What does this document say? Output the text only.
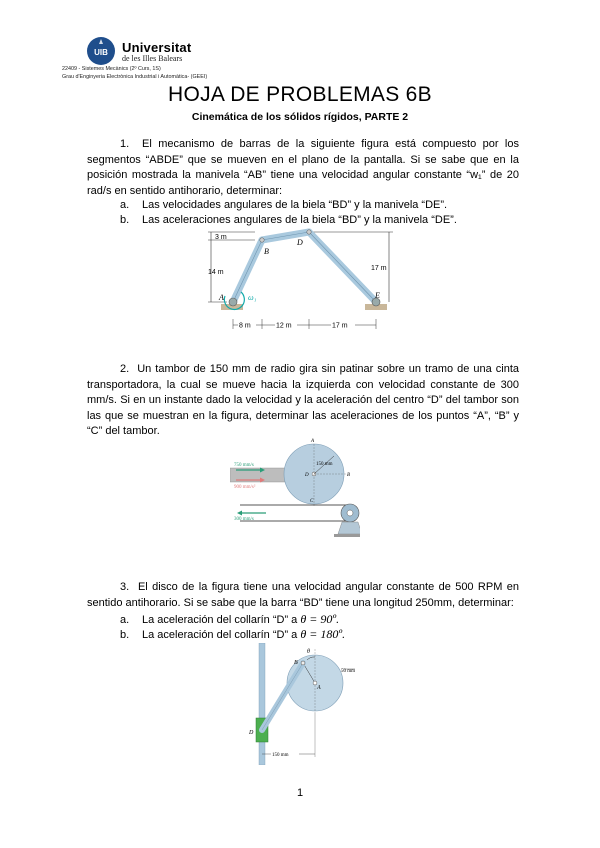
UIB Universitat
de les Illes Balears
22409 - Sistemes Mecànics (2º Curs, 1S)
Grau d'Enginyeria Electrònica Industrial i Automàtica- (GEEI)
HOJA DE PROBLEMAS 6B
Cinemática de los sólidos rígidos, PARTE 2
1. El mecanismo de barras de la siguiente figura está compuesto por los segmentos “ABDE” que se mueven en el plano de la pantalla. Si se sabe que en la posición mostrada la manivela “AB” tiene una velocidad angular constante “w₁” de 20 rad/s en sentido antihorario, determinar:
a. Las velocidades angulares de la biela “BD” y la manivela “DE”.
b. Las aceleraciones angulares de la biela “BD” y la manivela “DE”.
3 m
14 m
17 m
ω₁
A
B
D
E
8 m	12 m	17 m
2. Un tambor de 150 mm de radio gira sin patinar sobre un tramo de una cinta transportadora, la cual se mueve hacia la izquierda con velocidad constante de 300 mm/s. Si en un instante dado la velocidad y la aceleración del centro “D” del tambor son las que se muestran en la figura, determinar las aceleraciones de los puntos “A”, “B” y “C” del tambor.
150 mm
A
B
C
D
750 mm/s
900 mm/s²
300 mm/s
3. El disco de la figura tiene una velocidad angular constante de 500 RPM en sentido antihorario. Si se sabe que la barra “BD” tiene una longitud 250mm, determinar:
a. La aceleración del collarín “D” a θ = 90º.
b. La aceleración del collarín “D” a θ = 180º.
θ
B
A
D
50 mm
150 mm
1
